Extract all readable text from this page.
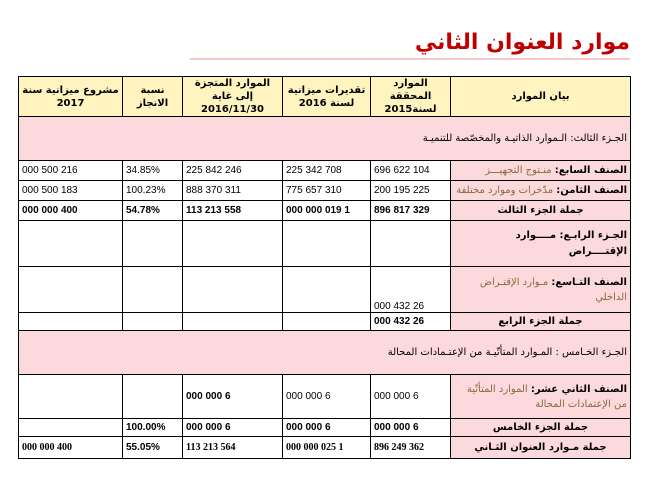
موارد العنوان الثاني
بيان الموارد	الموارد المحققة لسنة2015	تقديرات ميزانية لسنة 2016	الموارد المتجزة إلى غاية 2016/11/30	نسبة الانجاز	مشروع ميزانية سنة 2017
الجـزء الثالث: الـموارد الذاتيـة والمخصّصة للتنميـة					
الصنف السابع: منـتوج التجهيـــز	104 622 696	708 342 225	246 842 225	34.85%	216 500 000
الصنف الثامن: مدّخرات وموارد مختلفة	225 195 200	310 657 775	311 370 888	100.23%	183 500 000
جملة الجزء الثالث	329 817 896	1 019 000 000	558 213 113	54.78%	400 000 000
الجـزء الرابـع: مــــوارد الإقتــــراض					
الصنف التـاسع: مـوارد الإقتـراض الداخلي	26 432 000				
جملة الجزء الرابع	26 432 000				
الجـزء الخـامس : المـوارد المتأتّيـة من الإعتـمادات المحالة					
الصنف الثاني عشر: الموارد المتأتّية من الإعتمادات المحالة	6 000 000	6 000 000	6 000 000		
جملة الجزء الخامس	6 000 000	6 000 000	6 000 000	100.00%	
جملة مـوارد العنوان الثـاني	362 249 896	1 025 000 000	564 213 113	55.05%	400 000 000
